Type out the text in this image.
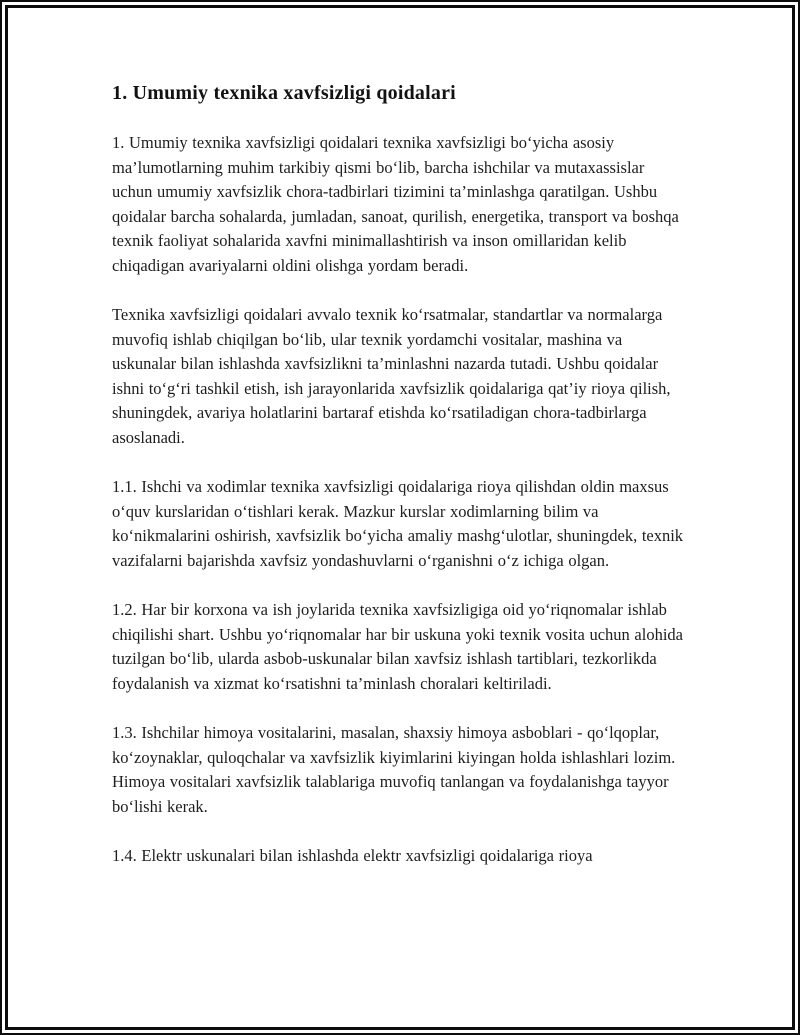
1. Umumiy texnika xavfsizligi qoidalari

1. Umumiy texnika xavfsizligi qoidalari texnika xavfsizligi bo‘yicha asosiy ma’lumotlarning muhim tarkibiy qismi bo‘lib, barcha ishchilar va mutaxassislar uchun umumiy xavfsizlik chora-tadbirlari tizimini ta’minlashga qaratilgan. Ushbu qoidalar barcha sohalarda, jumladan, sanoat, qurilish, energetika, transport va boshqa texnik faoliyat sohalarida xavfni minimallashtirish va inson omillaridan kelib chiqadigan avariyalarni oldini olishga yordam beradi.

Texnika xavfsizligi qoidalari avvalo texnik ko‘rsatmalar, standartlar va normalarga muvofiq ishlab chiqilgan bo‘lib, ular texnik yordamchi vositalar, mashina va uskunalar bilan ishlashda xavfsizlikni ta’minlashni nazarda tutadi. Ushbu qoidalar ishni to‘g‘ri tashkil etish, ish jarayonlarida xavfsizlik qoidalariga qat’iy rioya qilish, shuningdek, avariya holatlarini bartaraf etishda ko‘rsatiladigan chora-tadbirlarga asoslanadi.

1.1. Ishchi va xodimlar texnika xavfsizligi qoidalariga rioya qilishdan oldin maxsus o‘quv kurslaridan o‘tishlari kerak. Mazkur kurslar xodimlarning bilim va ko‘nikmalarini oshirish, xavfsizlik bo‘yicha amaliy mashg‘ulotlar, shuningdek, texnik vazifalarni bajarishda xavfsiz yondashuvlarni o‘rganishni o‘z ichiga olgan.

1.2. Har bir korxona va ish joylarida texnika xavfsizligiga oid yo‘riqnomalar ishlab chiqilishi shart. Ushbu yo‘riqnomalar har bir uskuna yoki texnik vosita uchun alohida tuzilgan bo‘lib, ularda asbob-uskunalar bilan xavfsiz ishlash tartiblari, tezkorlikda foydalanish va xizmat ko‘rsatishni ta’minlash choralari keltiriladi.

1.3. Ishchilar himoya vositalarini, masalan, shaxsiy himoya asboblari - qo‘lqoplar, ko‘zoynaklar, quloqchalar va xavfsizlik kiyimlarini kiyingan holda ishlashlari lozim. Himoya vositalari xavfsizlik talablariga muvofiq tanlangan va foydalanishga tayyor bo‘lishi kerak.

1.4. Elektr uskunalari bilan ishlashda elektr xavfsizligi qoidalariga rioya
